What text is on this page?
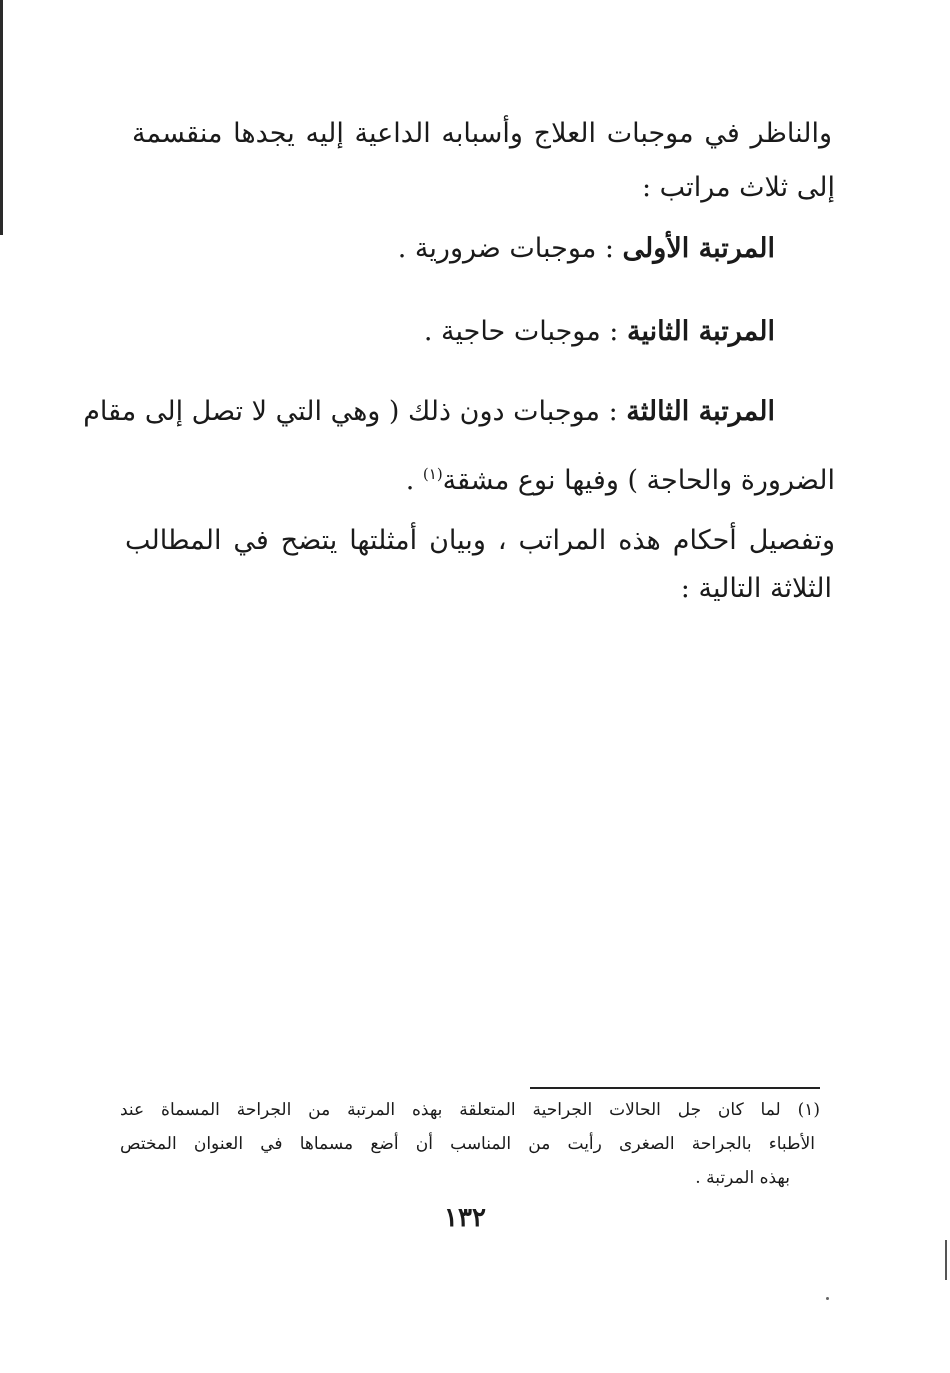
والناظر في موجبات العلاج وأسبابه الداعية إليه يجدها منقسمة
إلى ثلاث مراتب :
المرتبة الأولى : موجبات ضرورية .
المرتبة الثانية : موجبات حاجية .
المرتبة الثالثة : موجبات دون ذلك ( وهي التي لا تصل إلى مقام
الضرورة والحاجة ) وفيها نوع مشقة$^{(١)}$ .
وتفصيل أحكام هذه المراتب ، وبيان أمثلتها يتضح في المطالب
الثلاثة التالية :
(١) لما كان جل الحالات الجراحية المتعلقة بهذه المرتبة من الجراحة المسماة عند
الأطباء بالجراحة الصغرى رأيت من المناسب أن أضع مسماها في العنوان المختص
بهذه المرتبة .
١٣٢
